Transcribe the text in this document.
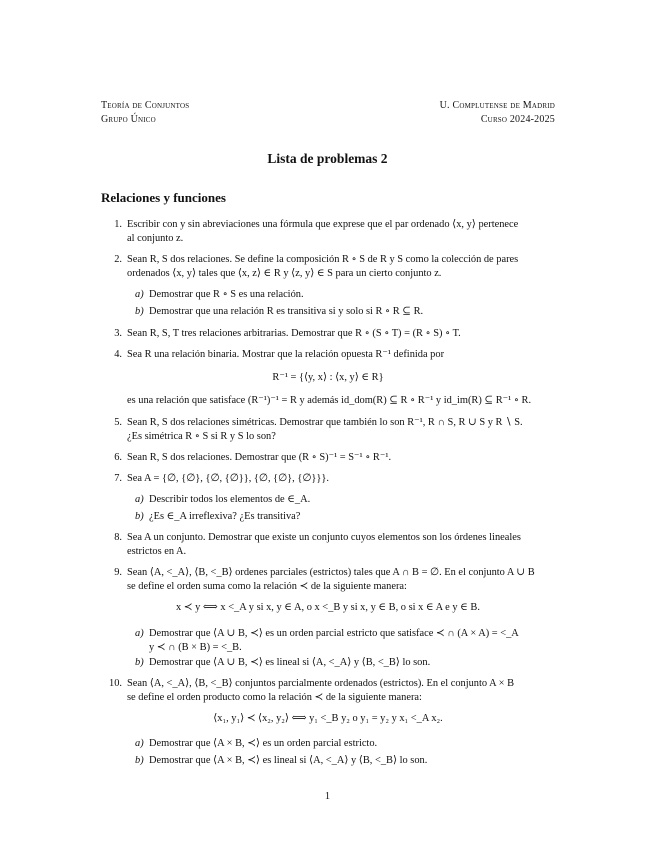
Teoría de Conjuntos
Grupo Único
U. Complutense de Madrid
Curso 2024-2025
Lista de problemas 2
Relaciones y funciones
1. Escribir con y sin abreviaciones una fórmula que exprese que el par ordenado ⟨x, y⟩ pertenece
al conjunto z.
2. Sean R, S dos relaciones. Se define la composición R ∘ S de R y S como la colección de pares
ordenados ⟨x, y⟩ tales que ⟨x, z⟩ ∈ R y ⟨z, y⟩ ∈ S para un cierto conjunto z.
a) Demostrar que R ∘ S es una relación.
b) Demostrar que una relación R es transitiva si y solo si R ∘ R ⊆ R.
3. Sean R, S, T tres relaciones arbitrarias. Demostrar que R ∘ (S ∘ T) = (R ∘ S) ∘ T.
4. Sea R una relación binaria. Mostrar que la relación opuesta R⁻¹ definida por
R⁻¹ = {⟨y, x⟩ : ⟨x, y⟩ ∈ R}
es una relación que satisface (R⁻¹)⁻¹ = R y además id_dom(R) ⊆ R ∘ R⁻¹ y id_im(R) ⊆ R⁻¹ ∘ R.
5. Sean R, S dos relaciones simétricas. Demostrar que también lo son R⁻¹, R ∩ S, R ∪ S y R ∖ S.
¿Es simétrica R ∘ S si R y S lo son?
6. Sean R, S dos relaciones. Demostrar que (R ∘ S)⁻¹ = S⁻¹ ∘ R⁻¹.
7. Sea A = {∅, {∅}, {∅, {∅}}, {∅, {∅}, {∅}}}.
a) Describir todos los elementos de ∈_A.
b) ¿Es ∈_A irreflexiva? ¿Es transitiva?
8. Sea A un conjunto. Demostrar que existe un conjunto cuyos elementos son los órdenes lineales
estrictos en A.
9. Sean ⟨A, <_A⟩, ⟨B, <_B⟩ ordenes parciales (estrictos) tales que A ∩ B = ∅. En el conjunto A ∪ B
se define el orden suma como la relación ≺ de la siguiente manera:
x ≺ y ⟺ x <_A y si x, y ∈ A, o x <_B y si x, y ∈ B, o si x ∈ A e y ∈ B.
a) Demostrar que ⟨A ∪ B, ≺⟩ es un orden parcial estricto que satisface ≺ ∩ (A × A) = <_A
y ≺ ∩ (B × B) = <_B.
b) Demostrar que ⟨A ∪ B, ≺⟩ es lineal si ⟨A, <_A⟩ y ⟨B, <_B⟩ lo son.
10. Sean ⟨A, <_A⟩, ⟨B, <_B⟩ conjuntos parcialmente ordenados (estrictos). En el conjunto A × B
se define el orden producto como la relación ≺ de la siguiente manera:
⟨x₁, y₁⟩ ≺ ⟨x₂, y₂⟩ ⟺ y₁ <_B y₂ o y₁ = y₂ y x₁ <_A x₂.
a) Demostrar que ⟨A × B, ≺⟩ es un orden parcial estricto.
b) Demostrar que ⟨A × B, ≺⟩ es lineal si ⟨A, <_A⟩ y ⟨B, <_B⟩ lo son.
1
